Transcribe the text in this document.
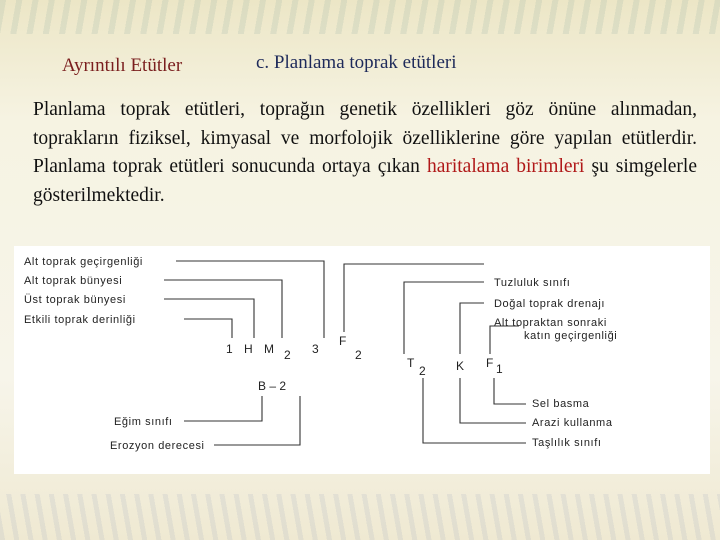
Ayrıntılı Etütler	c. Planlama toprak etütleri
Planlama toprak etütleri, toprağın genetik özellikleri göz önüne alınmadan, toprakların fiziksel, kimyasal ve morfolojik özelliklerine göre yapılan etütlerdir. Planlama toprak etütleri sonucunda ortaya çıkan haritalama birimleri şu simgelerle gösterilmektedir.
Alt toprak geçirgenliği
Alt toprak bünyesi
Üst toprak bünyesi
Etkili toprak derinliği
1 H M 2 3
F
2
T
2	K F 1
B – 2
Tuzluluk sınıfı
Doğal toprak drenajı
Alt topraktan sonraki
katın geçirgenliği
Sel basma
Arazi kullanma
Taşlılık sınıfı
Eğim sınıfı
Erozyon derecesi
